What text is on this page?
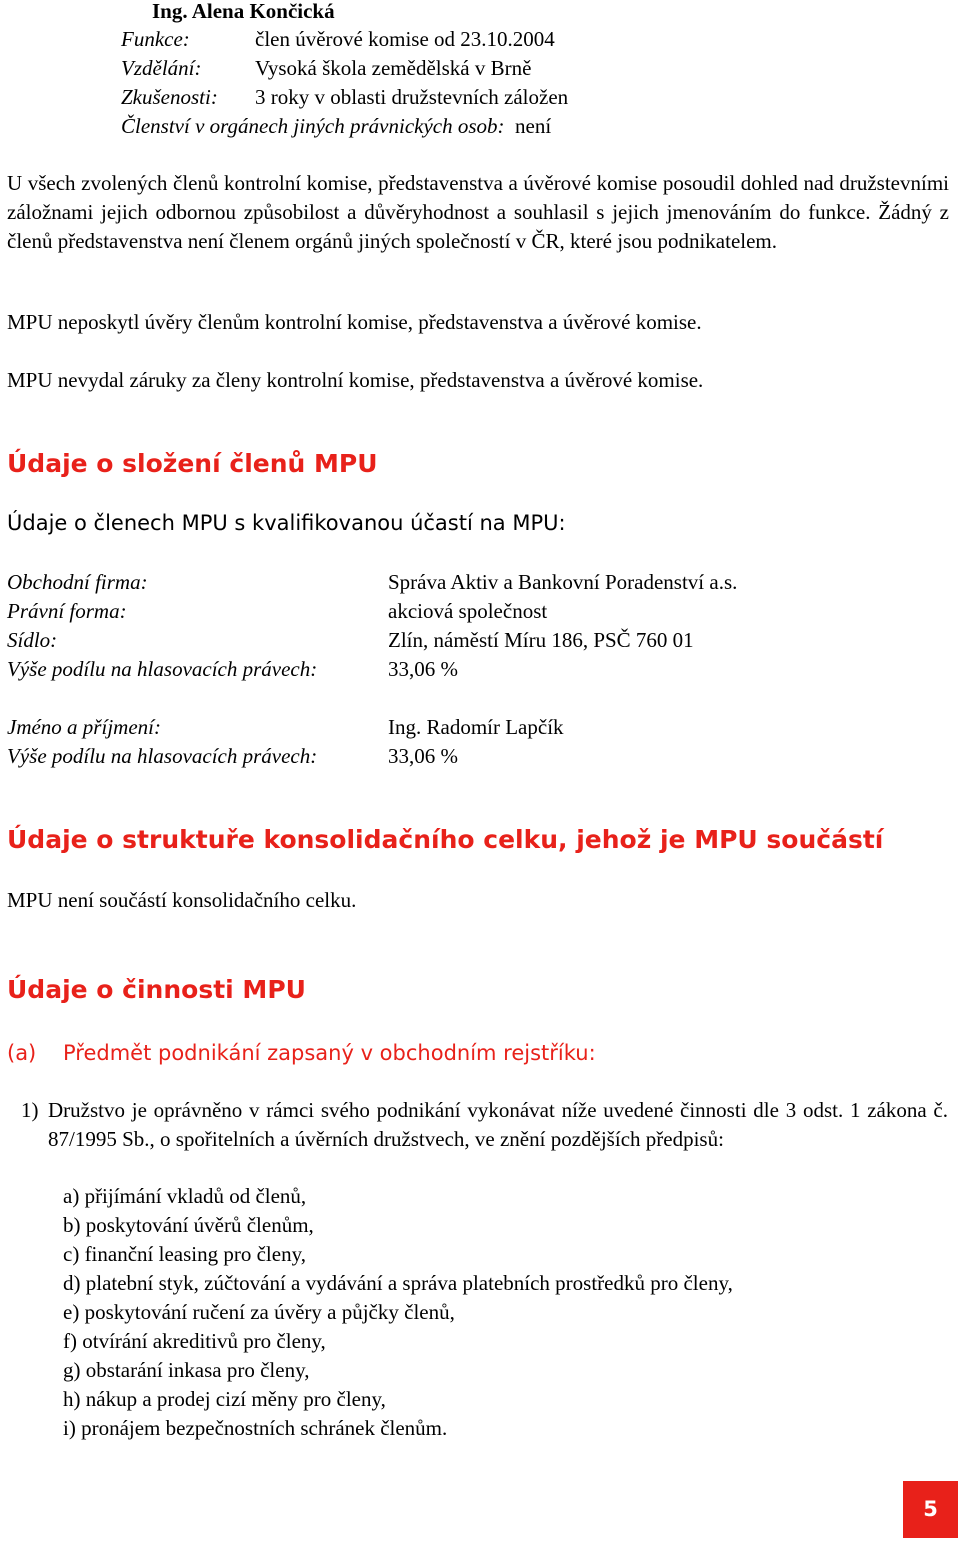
Ing. Alena Končická
Funkce:	člen úvěrové komise od 23.10.2004
Vzdělání:	Vysoká škola zemědělská v Brně
Zkušenosti: 3 roky v oblasti družstevních záložen
Členství v orgánech jiných právnických osob: není
U všech zvolených členů kontrolní komise, představenstva a úvěrové komise posoudil dohled nad družstevními záložnami jejich odbornou způsobilost a důvěryhodnost a souhlasil s jejich jmenováním do funkce. Žádný z členů představenstva není členem orgánů jiných společností v ČR, které jsou podnikatelem.
MPU neposkytl úvěry členům kontrolní komise, představenstva a úvěrové komise.
MPU nevydal záruky za členy kontrolní komise, představenstva a úvěrové komise.
Údaje o složení členů MPU
Údaje o členech MPU s kvalifikovanou účastí na MPU:
Obchodní firma:	Správa Aktiv a Bankovní Poradenství a.s.
Právní forma:	akciová společnost
Sídlo:	Zlín, náměstí Míru 186, PSČ 760 01
Výše podílu na hlasovacích právech:	33,06 %
Jméno a příjmení:	Ing. Radomír Lapčík
Výše podílu na hlasovacích právech:	33,06 %
Údaje o struktuře konsolidačního celku, jehož je MPU součástí
MPU není součástí konsolidačního celku.
Údaje o činnosti MPU
(a) Předmět podnikání zapsaný v obchodním rejstříku:
1) Družstvo je oprávněno v rámci svého podnikání vykonávat níže uvedené činnosti dle 3 odst. 1 zákona č. 87/1995 Sb., o spořitelních a úvěrních družstvech, ve znění pozdějších předpisů:
a) přijímání vkladů od členů,
b) poskytování úvěrů členům,
c) finanční leasing pro členy,
d) platební styk, zúčtování a vydávání a správa platebních prostředků pro členy,
e) poskytování ručení za úvěry a půjčky členů,
f) otvírání akreditivů pro členy,
g) obstarání inkasa pro členy,
h) nákup a prodej cizí měny pro členy,
i) pronájem bezpečnostních schránek členům.
5
